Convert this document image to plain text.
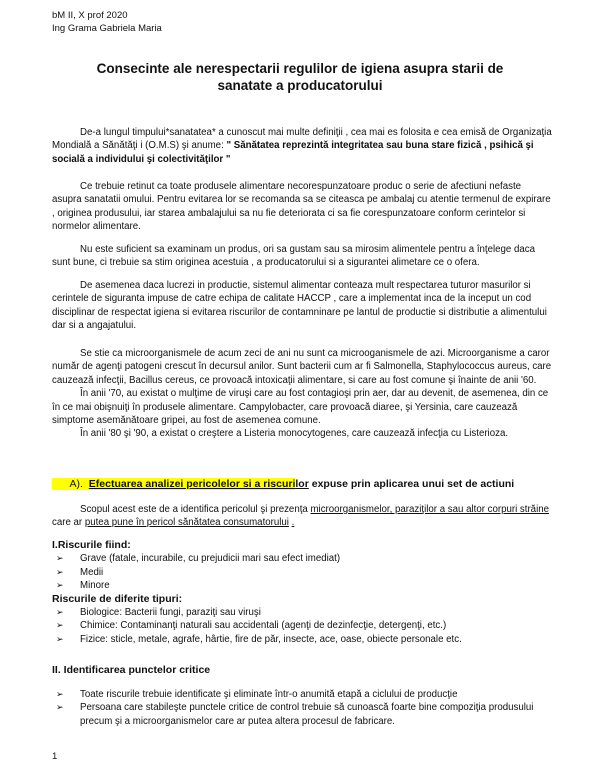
bM II, X prof 2020
Ing Grama Gabriela Maria
Consecinte ale nerespectarii regulilor de igiena asupra starii de
sanatate a producatorului

De-a lungul timpului*sanatatea* a cunoscut mai multe definiţii , cea mai es folosita e cea emisă de Organizaţia Mondială a Sănătăţi i (O.M.S) şi anume: " Sănătatea reprezintă integritatea sau buna stare fizică , psihică şi socială a individului şi colectivităţilor "

Ce trebuie retinut ca toate produsele alimentare necorespunzatoare produc o serie de afectiuni nefaste asupra sanatatii omului. Pentru evitarea lor se recomanda sa se citeasca pe ambalaj cu atentie termenul de expirare , originea produsului, iar starea ambalajului sa nu fie deteriorata ci sa fie corespunzatoare conform cerintelor si normelor alimentare.

Nu este suficient sa examinam un produs, ori sa gustam sau sa mirosim alimentele pentru a înţelege daca sunt bune, ci trebuie sa stim originea acestuia , a producatorului si a sigurantei alimetare ce o ofera.

De asemenea daca lucrezi in productie, sistemul alimentar conteaza mult respectarea tuturor masurilor si cerintele de siguranta impuse de catre echipa de calitate HACCP , care a implementat inca de la inceput un cod disciplinar de respectat igiena si evitarea riscurilor de contamninare pe lantul de productie si distributie a alimentului dar si a angajatului.

Se stie ca microorganismele de acum zeci de ani nu sunt ca microoganismele de azi. Microorganisme a caror număr de agenţi patogeni crescut în decursul anilor. Sunt bacterii cum ar fi Salmonella, Staphylococcus aureus, care cauzează infecţii, Bacillus cereus, ce provoacă intoxicaţii alimentare, si care au fost comune şi înainte de anii '60.

În anii '70, au existat o mulţime de viruşi care au fost contagioşi prin aer, dar au devenit, de asemenea, din ce în ce mai obişnuiţi în produsele alimentare. Campylobacter, care provoacă diaree, şi Yersinia, care cauzează simptome asemănătoare gripei, au fost de asemenea comune.

În anii '80 şi '90, a existat o creştere a Listeria monocytogenes, care cauzează infecţia cu Listerioza.

A). Efectuarea analizei pericolelor si a riscurilor expuse prin aplicarea unui set de actiuni

Scopul acest este de a identifica pericolul şi prezenţa microorganismelor, paraziţilor a sau altor corpuri străine care ar putea pune în pericol sănătatea consumatorului .

I.Riscurile fiind:
➢ Grave (fatale, incurabile, cu prejudicii mari sau efect imediat)
➢ Medii
➢ Minore
Riscurile de diferite tipuri:
➢ Biologice: Bacterii fungi, paraziţi sau viruşi
➢ Chimice: Contaminanţi naturali sau accidentali (agenţi de dezinfecţie, detergenţi, etc.)
➢ Fizice: sticle, metale, agrafe, hârtie, fire de păr, insecte, ace, oase, obiecte personale etc.
II. Identificarea punctelor critice
➢ Toate riscurile trebuie identificate şi eliminate într-o anumită etapă a ciclului de producţie
➢ Persoana care stabileşte punctele critice de control trebuie să cunoască foarte bine compoziţia produsului precum şi a microorganismelor care ar putea altera procesul de fabricare.
1
